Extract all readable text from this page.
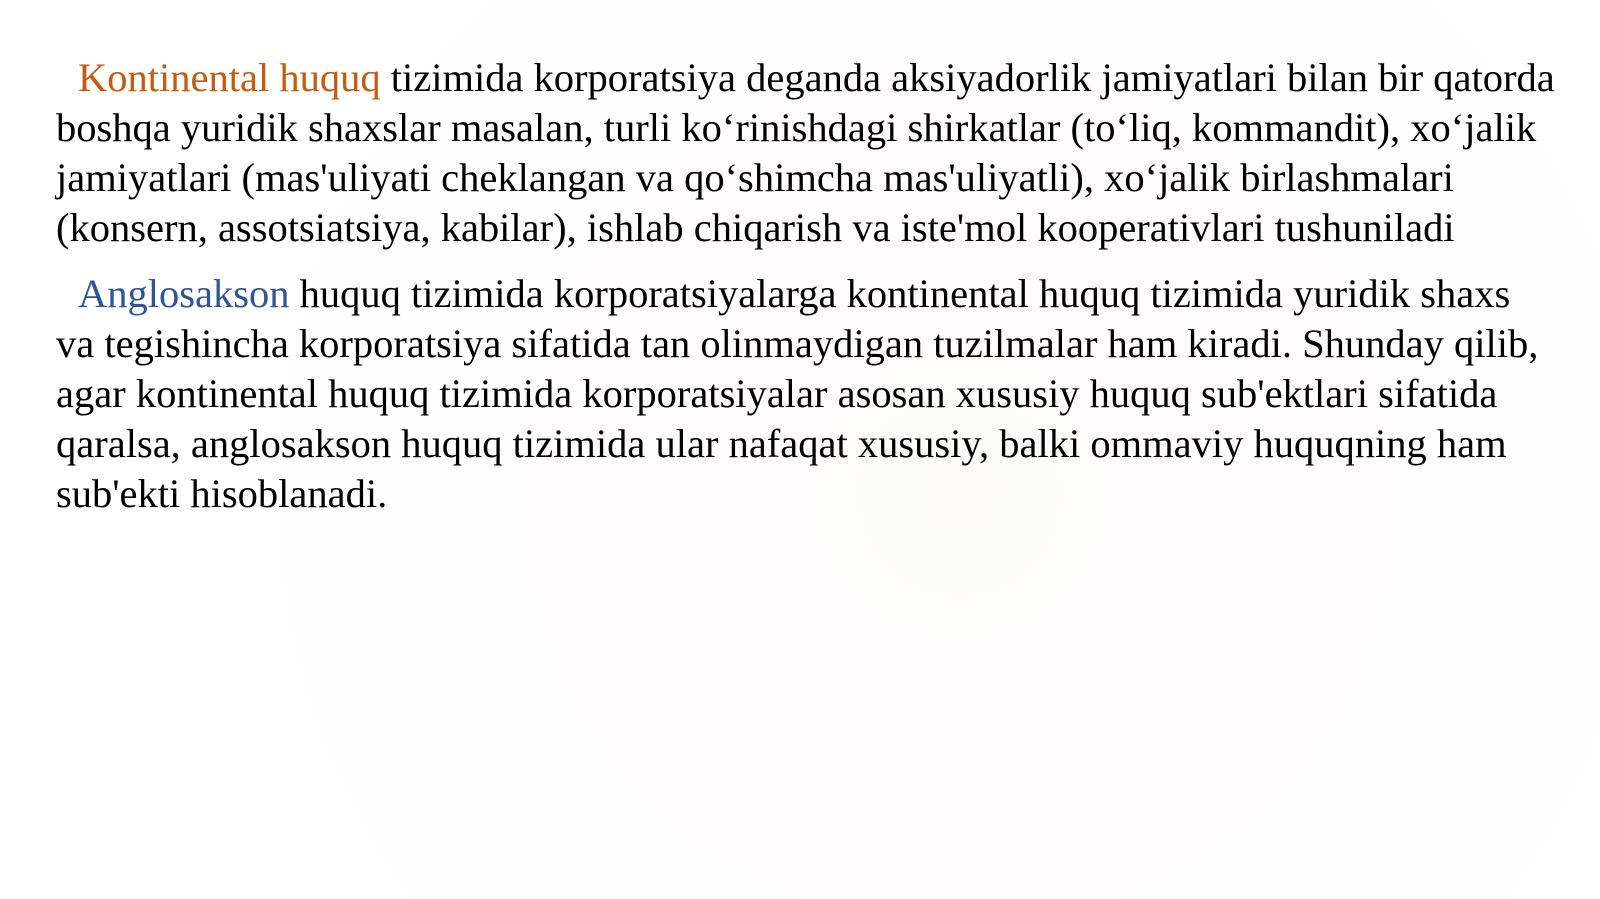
Kontinental huquq tizimida korporatsiya deganda aksiyadorlik jamiyatlari bilan bir qatorda boshqa yuridik shaxslar masalan, turli ko‘rinishdagi shirkatlar (to‘liq, kommandit), xo‘jalik jamiyatlari (mas'uliyati cheklangan va qo‘shimcha mas'uliyatli), xo‘jalik birlashmalari (konsern, assotsiatsiya, kabilar), ishlab chiqarish va iste'mol kooperativlari tushuniladi

Anglosakson huquq tizimida korporatsiyalarga kontinental huquq tizimida yuridik shaxs va tegishincha korporatsiya sifatida tan olinmaydigan tuzilmalar ham kiradi. Shunday qilib, agar kontinental huquq tizimida korporatsiyalar asosan xususiy huquq sub'ektlari sifatida qaralsa, anglosakson huquq tizimida ular nafaqat xususiy, balki ommaviy huquqning ham sub'ekti hisoblanadi.
